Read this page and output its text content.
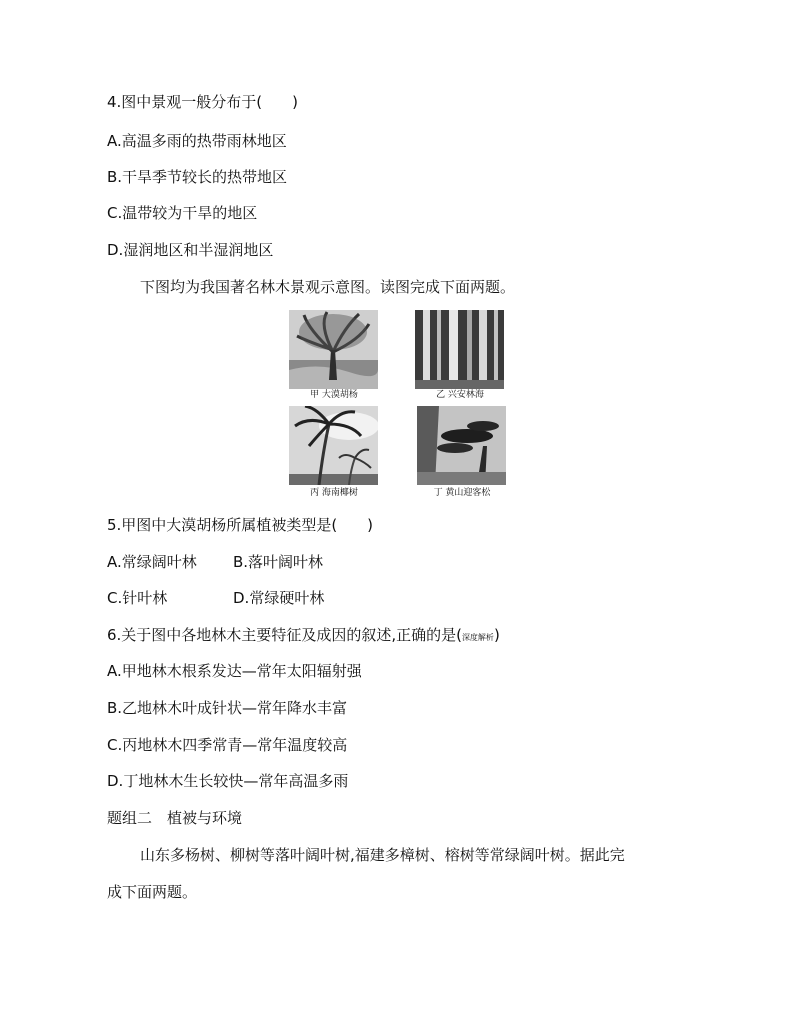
4.图中景观一般分布于(　　)
A.高温多雨的热带雨林地区
B.干旱季节较长的热带地区
C.温带较为干旱的地区
D.湿润地区和半湿润地区
下图均为我国著名林木景观示意图。读图完成下面两题。
甲 大漠胡杨	乙 兴安林海
丙 海南椰树	丁 黄山迎客松
5.甲图中大漠胡杨所属植被类型是(　　)
A.常绿阔叶林 B.落叶阔叶林
C.针叶林	D.常绿硬叶林
6.关于图中各地林木主要特征及成因的叙述,正确的是(深度解析)
A.甲地林木根系发达—常年太阳辐射强
B.乙地林木叶成针状—常年降水丰富
C.丙地林木四季常青—常年温度较高
D.丁地林木生长较快—常年高温多雨
题组二　植被与环境
山东多杨树、柳树等落叶阔叶树,福建多樟树、榕树等常绿阔叶树。据此完
成下面两题。
